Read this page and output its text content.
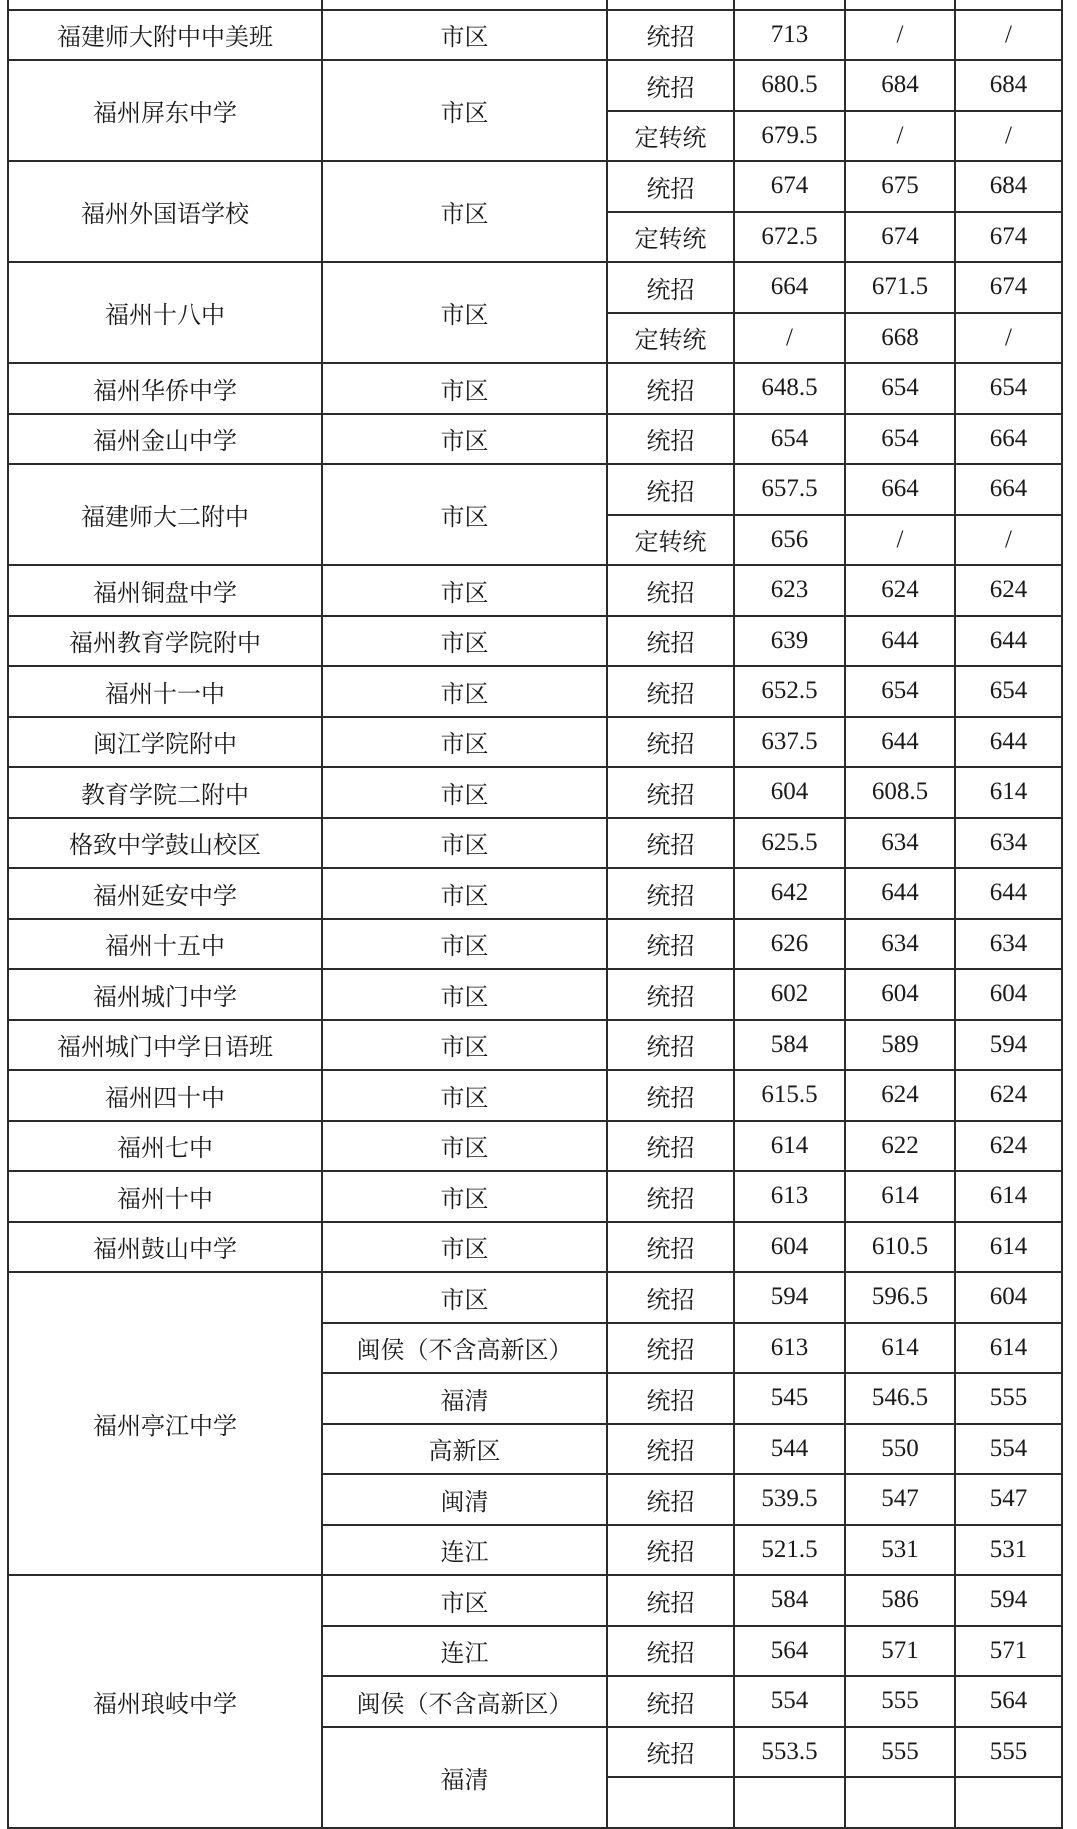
福建师大附中中美班	市区	统招	713	/	/
福州屏东中学	市区	统招	680.5	684	684
		定转统	679.5	/	/
福州外国语学校	市区	统招	674	675	684
		定转统	672.5	674	674
福州十八中	市区	统招	664	671.5	674
		定转统	/	668	/
福州华侨中学	市区	统招	648.5	654	654
福州金山中学	市区	统招	654	654	664
福建师大二附中	市区	统招	657.5	664	664
		定转统	656	/	/
福州铜盘中学	市区	统招	623	624	624
福州教育学院附中	市区	统招	639	644	644
福州十一中	市区	统招	652.5	654	654
闽江学院附中	市区	统招	637.5	644	644
教育学院二附中	市区	统招	604	608.5	614
格致中学鼓山校区	市区	统招	625.5	634	634
福州延安中学	市区	统招	642	644	644
福州十五中	市区	统招	626	634	634
福州城门中学	市区	统招	602	604	604
福州城门中学日语班	市区	统招	584	589	594
福州四十中	市区	统招	615.5	624	624
福州七中	市区	统招	614	622	624
福州十中	市区	统招	613	614	614
福州鼓山中学	市区	统招	604	610.5	614
福州亭江中学	市区	统招	594	596.5	604
	闽侯（不含高新区）	统招	613	614	614
	福清	统招	545	546.5	555
	高新区	统招	544	550	554
	闽清	统招	539.5	547	547
	连江	统招	521.5	531	531
福州琅岐中学	市区	统招	584	586	594
	连江	统招	564	571	571
	闽侯（不含高新区）	统招	554	555	564
	福清	统招	553.5	555	555
